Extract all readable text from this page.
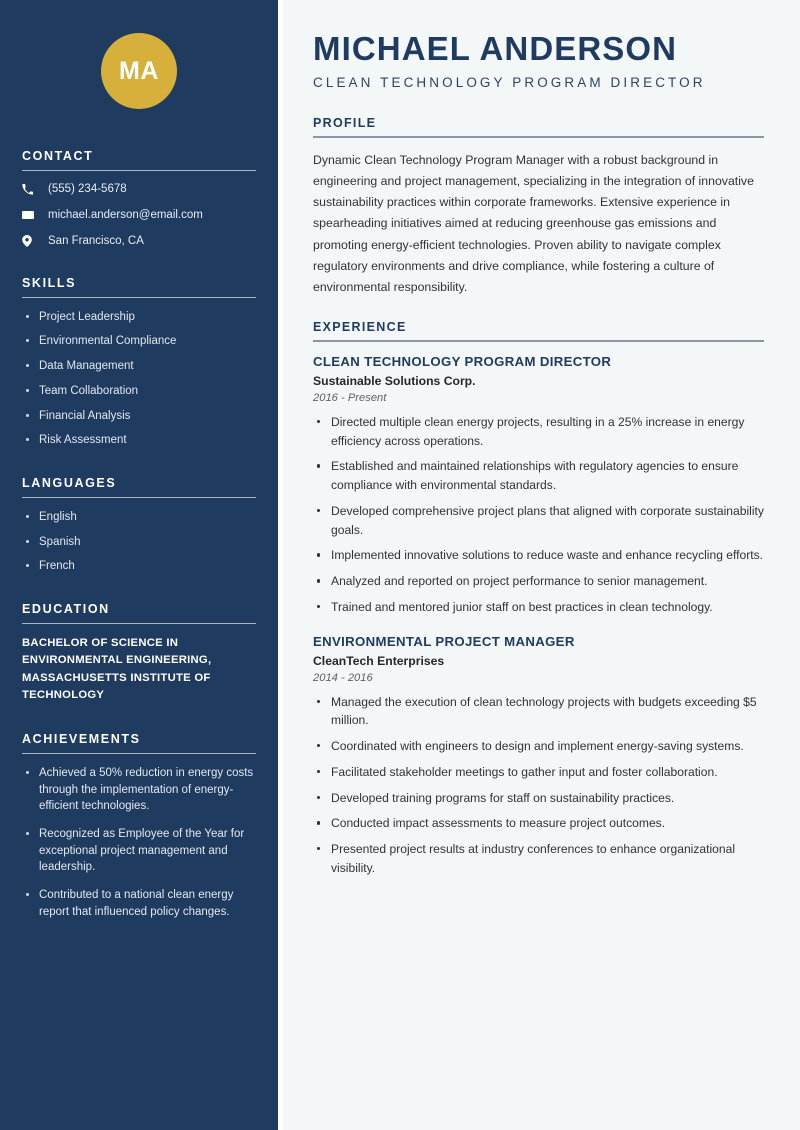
MA
CONTACT
(555) 234-5678
michael.anderson@email.com
San Francisco, CA
SKILLS
Project Leadership
Environmental Compliance
Data Management
Team Collaboration
Financial Analysis
Risk Assessment
LANGUAGES
English
Spanish
French
EDUCATION
BACHELOR OF SCIENCE IN ENVIRONMENTAL ENGINEERING, MASSACHUSETTS INSTITUTE OF TECHNOLOGY
ACHIEVEMENTS
Achieved a 50% reduction in energy costs through the implementation of energy-efficient technologies.
Recognized as Employee of the Year for exceptional project management and leadership.
Contributed to a national clean energy report that influenced policy changes.
MICHAEL ANDERSON
CLEAN TECHNOLOGY PROGRAM DIRECTOR
PROFILE

Dynamic Clean Technology Program Manager with a robust background in engineering and project management, specializing in the integration of innovative sustainability practices within corporate frameworks. Extensive experience in spearheading initiatives aimed at reducing greenhouse gas emissions and promoting energy-efficient technologies. Proven ability to navigate complex regulatory environments and drive compliance, while fostering a culture of environmental responsibility.

EXPERIENCE
CLEAN TECHNOLOGY PROGRAM DIRECTOR
Sustainable Solutions Corp.
2016 - Present
Directed multiple clean energy projects, resulting in a 25% increase in energy efficiency across operations.
Established and maintained relationships with regulatory agencies to ensure compliance with environmental standards.
Developed comprehensive project plans that aligned with corporate sustainability goals.
Implemented innovative solutions to reduce waste and enhance recycling efforts.
Analyzed and reported on project performance to senior management.
Trained and mentored junior staff on best practices in clean technology.
ENVIRONMENTAL PROJECT MANAGER
CleanTech Enterprises
2014 - 2016
Managed the execution of clean technology projects with budgets exceeding $5 million.
Coordinated with engineers to design and implement energy-saving systems.
Facilitated stakeholder meetings to gather input and foster collaboration.
Developed training programs for staff on sustainability practices.
Conducted impact assessments to measure project outcomes.
Presented project results at industry conferences to enhance organizational visibility.
